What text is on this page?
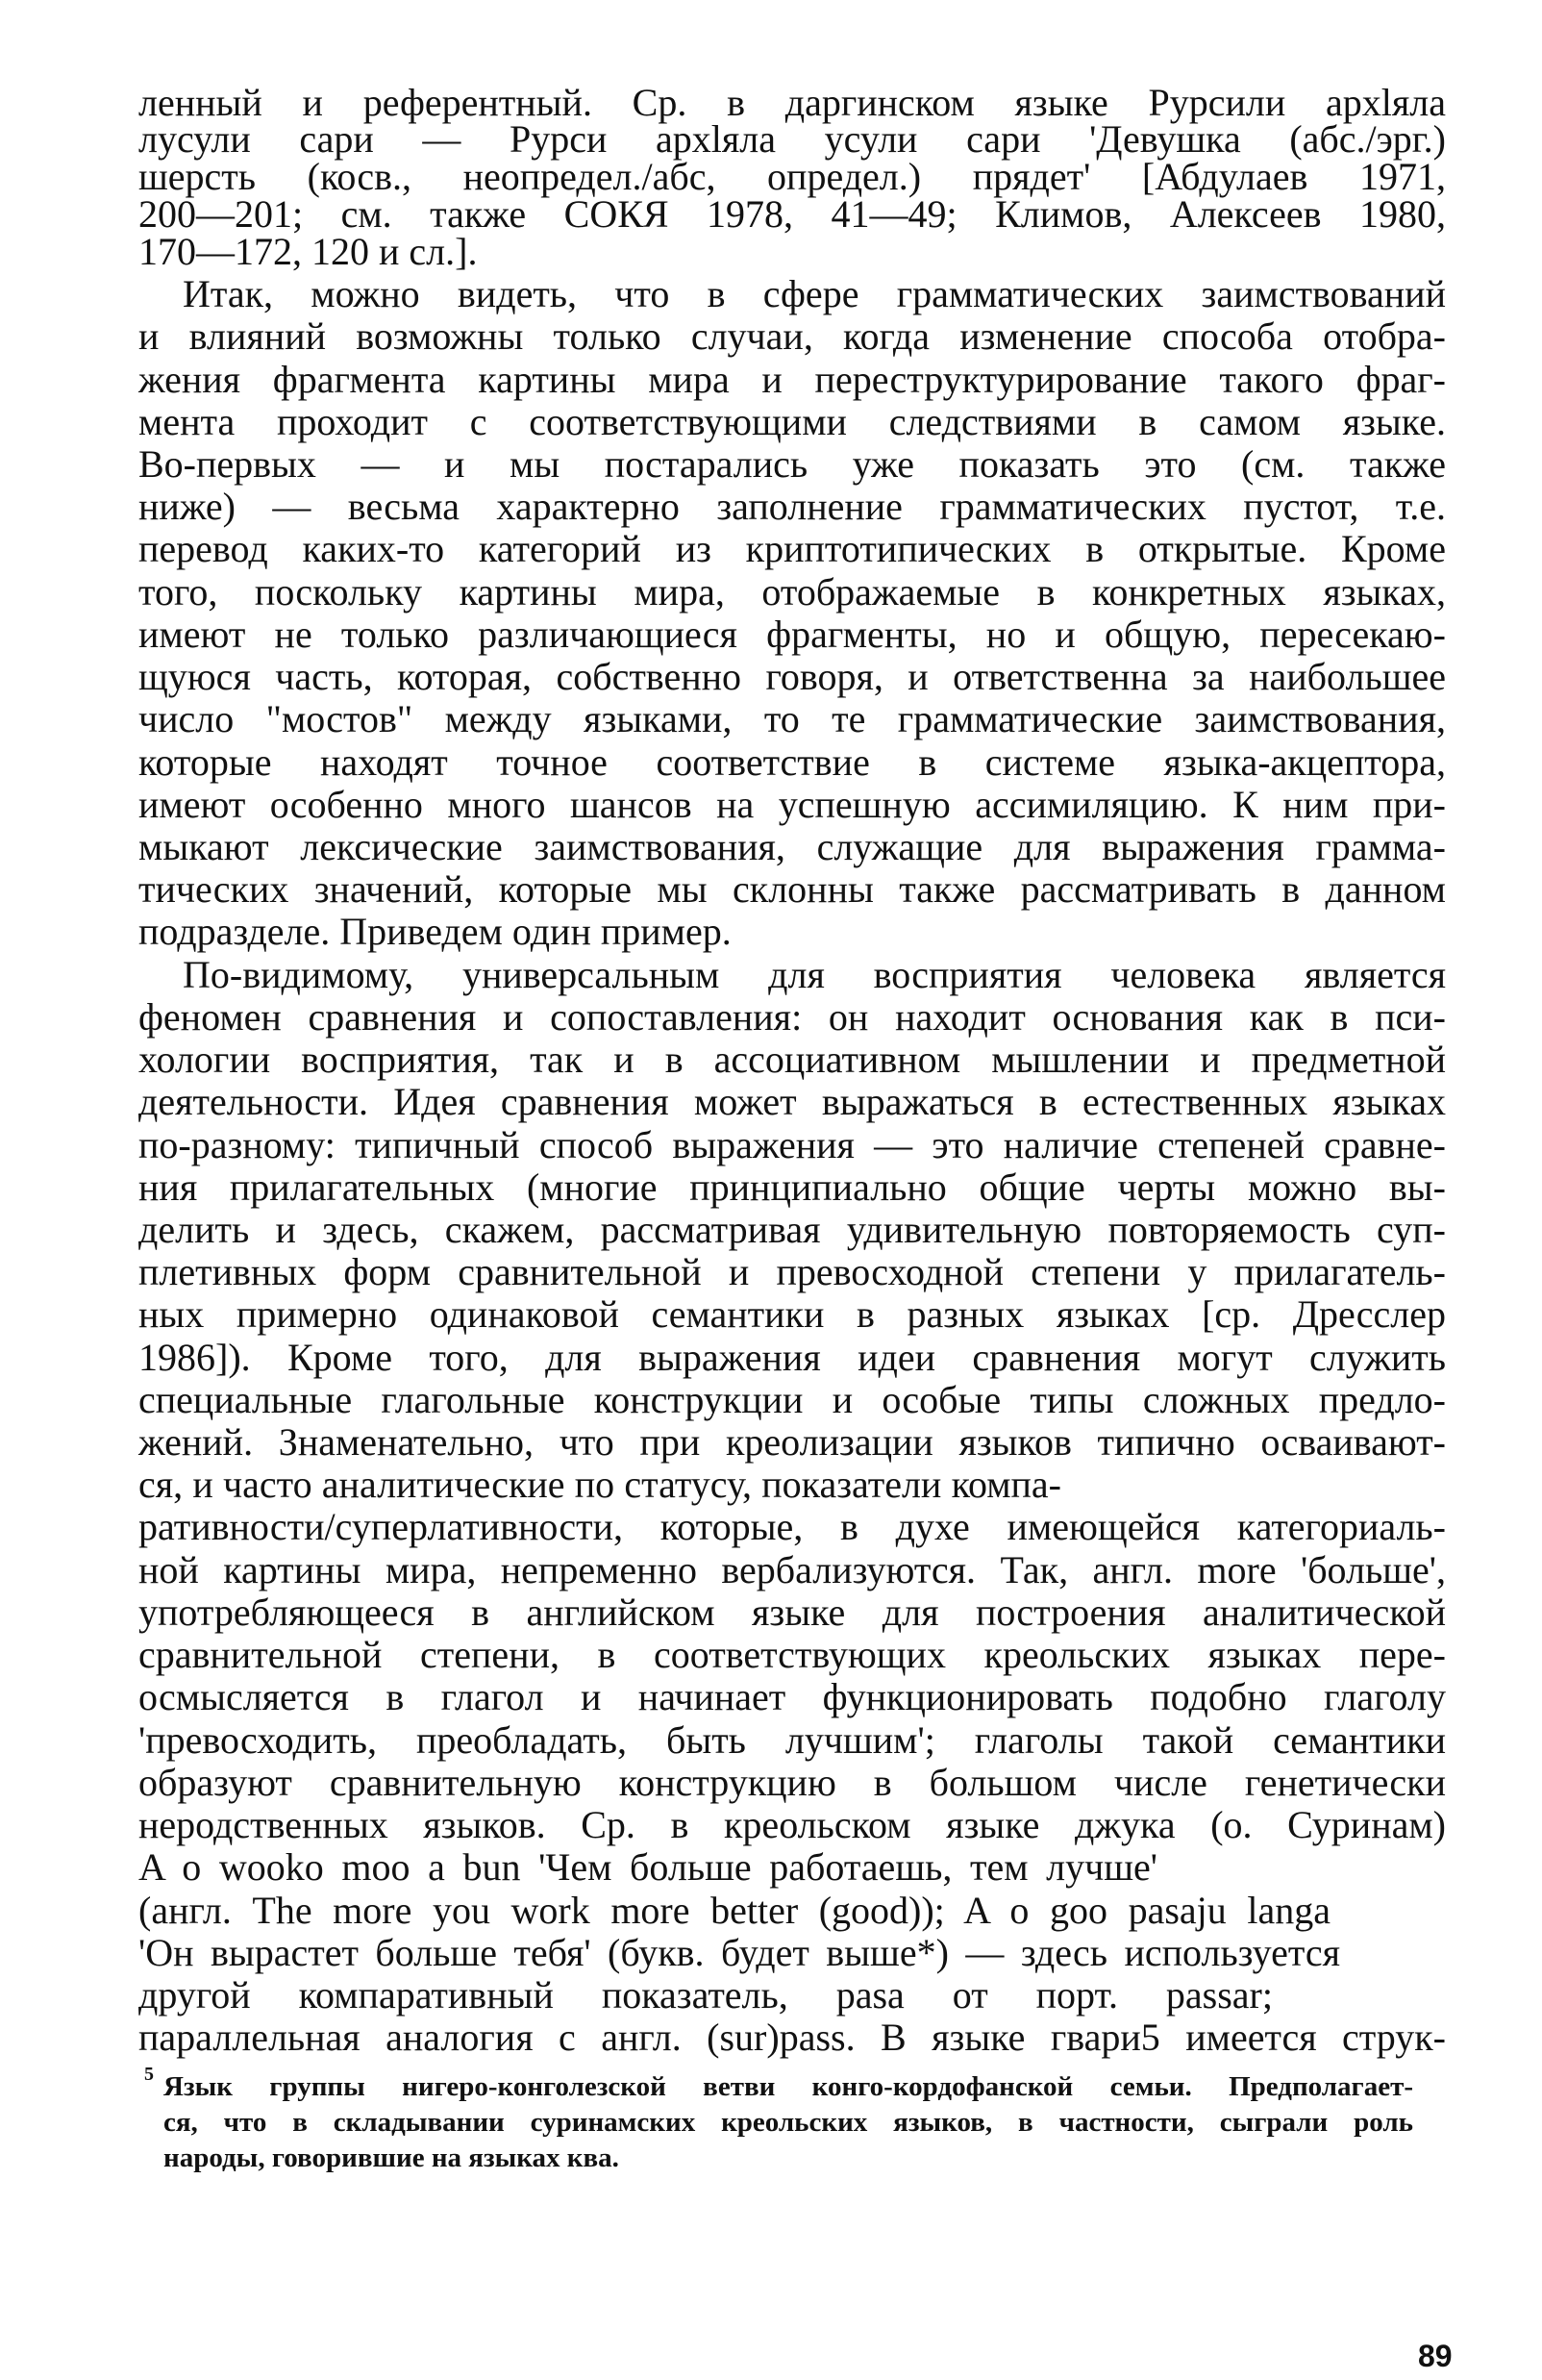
ленный и референтный. Ср. в даргинском языке Рурсили архlяла
лусули сари — Рурси архlяла усули сари 'Девушка (абс./эрг.)
шерсть (косв., неопредел./абс, определ.) прядет' [Абдулаев 1971,
200—201; см. также СОКЯ 1978, 41—49; Климов, Алексеев 1980,
170—172, 120 и сл.].
Итак, можно видеть, что в сфере грамматических заимствований
и влияний возможны только случаи, когда изменение способа отобра-
жения фрагмента картины мира и переструктурирование такого фраг-
мента проходит с соответствующими следствиями в самом языке.
Во-первых — и мы постарались уже показать это (см. также
ниже) — весьма характерно заполнение грамматических пустот, т.е.
перевод каких-то категорий из криптотипических в открытые. Кроме
того, поскольку картины мира, отображаемые в конкретных языках,
имеют не только различающиеся фрагменты, но и общую, пересекаю-
щуюся часть, которая, собственно говоря, и ответственна за наибольшее
число "мостов" между языками, то те грамматические заимствования,
которые находят точное соответствие в системе языка-акцептора,
имеют особенно много шансов на успешную ассимиляцию. К ним при-
мыкают лексические заимствования, служащие для выражения грамма-
тических значений, которые мы склонны также рассматривать в данном
подразделе. Приведем один пример.
По-видимому, универсальным для восприятия человека является
феномен сравнения и сопоставления: он находит основания как в пси-
хологии восприятия, так и в ассоциативном мышлении и предметной
деятельности. Идея сравнения может выражаться в естественных языках
по-разному: типичный способ выражения — это наличие степеней сравне-
ния прилагательных (многие принципиально общие черты можно вы-
делить и здесь, скажем, рассматривая удивительную повторяемость суп-
плетивных форм сравнительной и превосходной степени у прилагатель-
ных примерно одинаковой семантики в разных языках [ср. Дресслер
1986]). Кроме того, для выражения идеи сравнения могут служить
специальные глагольные конструкции и особые типы сложных предло-
жений. Знаменательно, что при креолизации языков типично осваивают-
ся, и часто аналитические по статусу, показатели компа-
ративности/суперлативности, которые, в духе имеющейся категориаль-
ной картины мира, непременно вербализуются. Так, англ. more 'больше',
употребляющееся в английском языке для построения аналитической
сравнительной степени, в соответствующих креольских языках пере-
осмысляется в глагол и начинает функционировать подобно глаголу
'превосходить, преобладать, быть лучшим'; глаголы такой семантики
образуют сравнительную конструкцию в большом числе генетически
неродственных языков. Ср. в креольском языке джука (о. Суринам)
A o wooko moo a bun 'Чем больше работаешь, тем лучше'
(англ. The more you work more better (good)); A o goo pasaju langa
'Он вырастет больше тебя' (букв. будет выше*) — здесь используется
другой компаративный показатель, pasa от порт. passar;
параллельная аналогия с англ. (sur)pass. В языке гвари5 имеется струк-
Язык группы нигеро-конголезской ветви конго-кордофанской семьи. Предполагает-
ся, что в складывании суринамских креольских языков, в частности, сыграли роль
народы, говорившие на языках ква.
5
89
